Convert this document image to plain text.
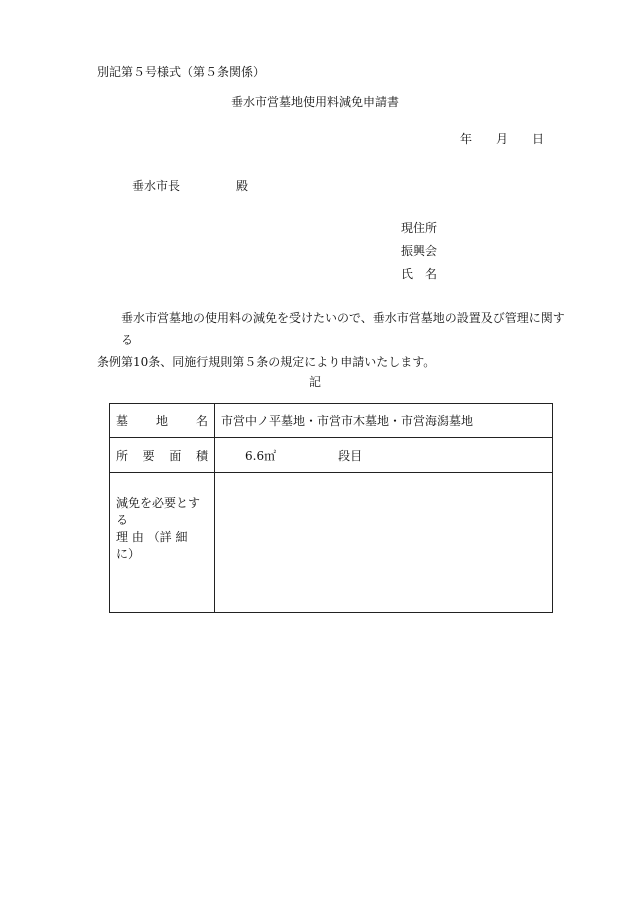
別記第５号様式（第５条関係）
垂水市営墓地使用料減免申請書
年 月 日
垂水市長	殿
現住所
振興会
氏　名
垂水市営墓地の使用料の減免を受けたいので、垂水市営墓地の設置及び管理に関する
条例第10条、同施行規則第５条の規定により申請いたします。
記
墓 地 名	市営中ノ平墓地・市営市木墓地・市営海潟墓地

所 要 面 積	6.6㎡ 段目

減免を必要とする
理 由 （詳 細 に）	
